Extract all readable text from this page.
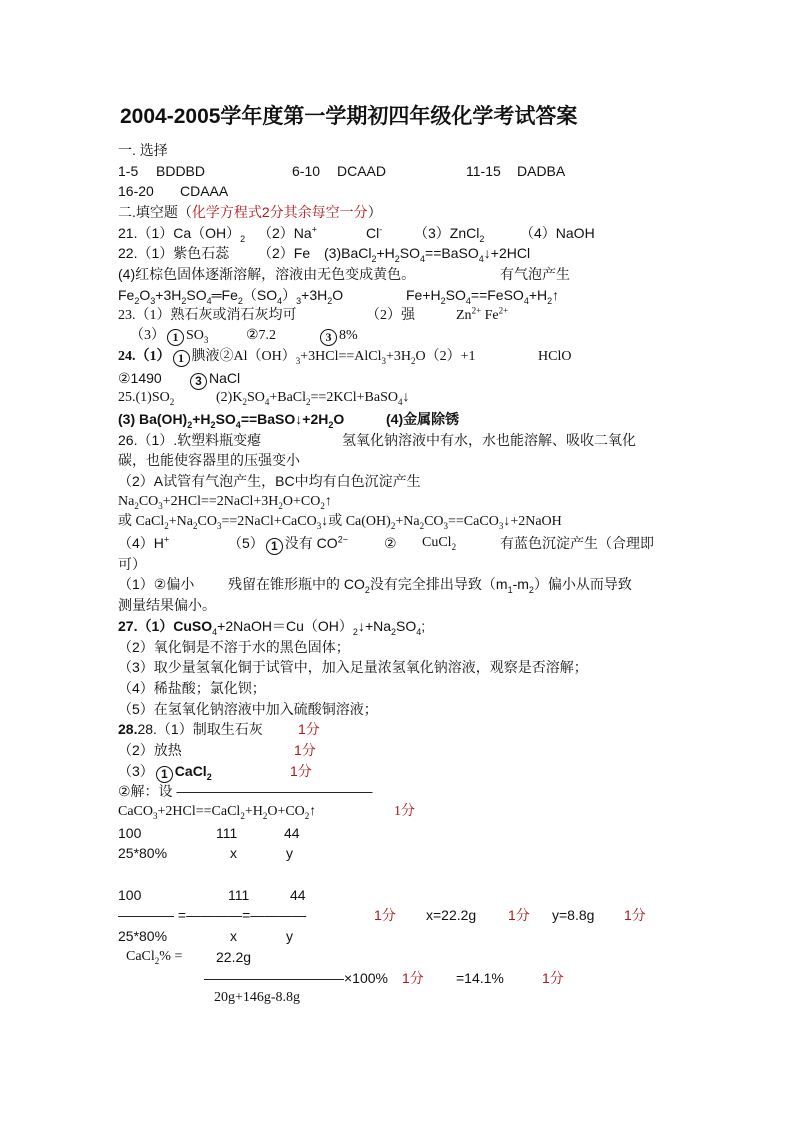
2004-2005学年度第一学期初四年级化学考试答案
一. 选择
1-5 BDDBD	6-10 DCAAD	11-15 DADBA
16-20 CDAAA
二.填空题（化学方程式2分其余每空一分）
$21.(1)Ca(OH)_2$ （2）Na+	Cl- （3）ZnCl$_2$	（4）NaOH
22.（1）紫色石蕊 （2）Fe $(3)BaCl_2+H_2SO_4==BaSO_4↓+2HCl$
(4)红棕色固体逐渐溶解，溶液由无色变成黄色。	有气泡产生
$Fe_2O_3+3H_2SO_4═Fe_2(SO_4)_3+3H_2O$	$Fe+H_2SO_4==FeSO_4+H_2↑$
23.（1）熟石灰或消石灰均可	（2）强	$Zn^{2+}$ $Fe^{2+}$
（3） 1 $SO_3$	②7.2	3 8%
24.（1） 1 腆液$②Al(OH)_3+3HCl==AlCl_3+3H_2O(2)+1$	HClO
②1490	3 NaCl
$25.(1)SO_2$	$(2)K_2SO_4+BaCl_2==2KCl+BaSO_4↓$
(3) $Ba(OH)_2+H_2SO_4==BaSO↓+2H_2O$	(4)金属除锈
26.（1）.软塑料瓶变瘪	氢氧化钠溶液中有水，水也能溶解、吸收二氧化
碳，也能使容器里的压强变小
（2）A试管有气泡产生，BC中均有白色沉淀产生
$Na_2CO_3+2HCl==2NaCl+3H_2O+CO_2↑$
或 $CaCl_2+Na_2CO_3==2NaCl+CaCO_3↓$或 $Ca(OH)_2+Na_2CO_3==CaCO_3↓+2NaOH$
（4）H+	（5） 1 没有 $CO^{2-}$	② CuCl$_2$	有蓝色沉淀产生（合理即
可）
（1）②偏小 残留在锥形瓶中的 $CO_2$没有完全排出导致$(m_1-m_2)$偏小从而导致
测量结果偏小。
$27.(1)CuSO_4+2NaOH=Cu(OH)_2↓+Na_2SO_4$;
（2）氧化铜是不溶于水的黑色固体；
（3）取少量氢氧化铜于试管中，加入足量浓氢氧化钠溶液，观察是否溶解；
（4）稀盐酸；氯化钡；
（5）在氢氧化钠溶液中加入硫酸铜溶液；
28.28.（1）制取生石灰	1分
（2）放热	1分
（3） 1 CaCl$_2$	1分
②解：设 ——————————————
$CaCO_3+2HCl==CaCl_2+H_2O+CO_2↑$	1分
100	111	44
25*80%	x	y
100	111	44
———— =————=————	1分 x=22.2g 1分 y=8.8g 1分
25*80%	x	y
CaCl$_2$% = 22.2g
——————————×100% 1分 =14.1%	1分
20g+146g-8.8g
